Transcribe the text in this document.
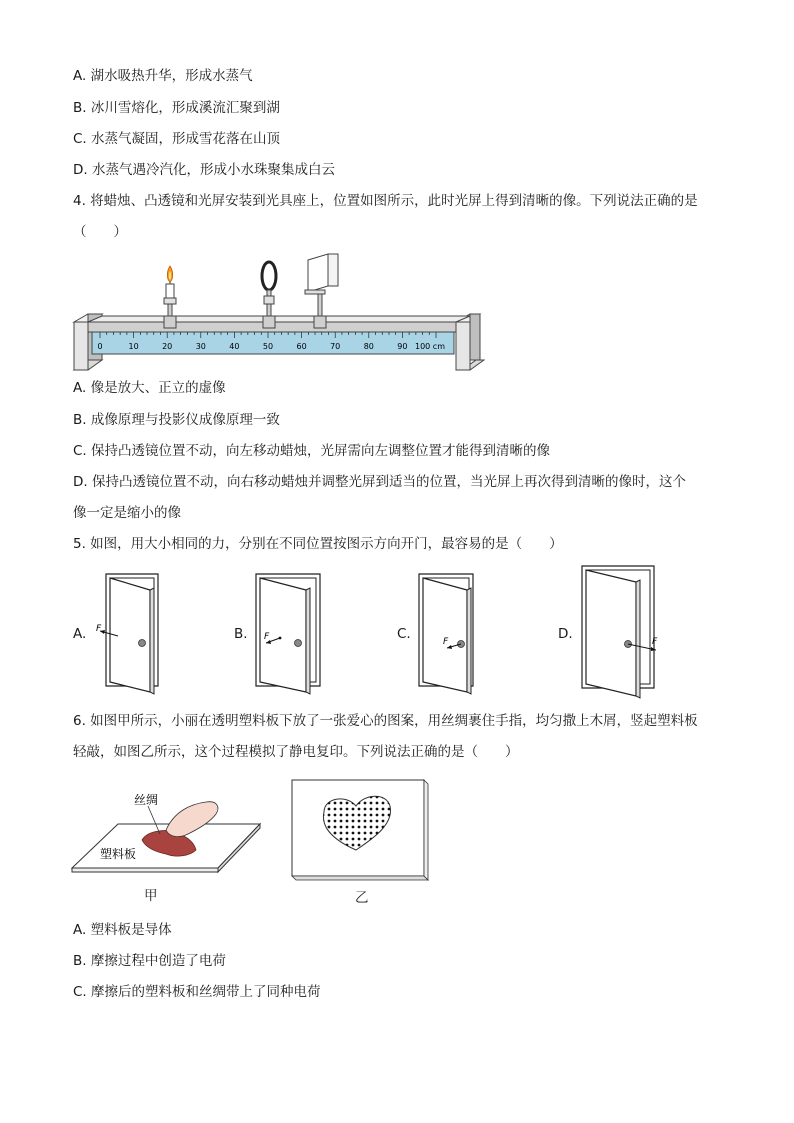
A. 湖水吸热升华，形成水蒸气
B. 冰川雪熔化，形成溪流汇聚到湖
C. 水蒸气凝固，形成雪花落在山顶
D. 水蒸气遇冷汽化，形成小水珠聚集成白云
4. 将蜡烛、凸透镜和光屏安装到光具座上，位置如图所示，此时光屏上得到清晰的像。下列说法正确的是
（　　）
0	10	20	30	40	50	60	70	80	90 100 cm
A. 像是放大、正立的虚像
B. 成像原理与投影仪成像原理一致
C. 保持凸透镜位置不动，向左移动蜡烛，光屏需向左调整位置才能得到清晰的像
D. 保持凸透镜位置不动，向右移动蜡烛并调整光屏到适当的位置，当光屏上再次得到清晰的像时，这个
像一定是缩小的像
5. 如图，用大小相同的力，分别在不同位置按图示方向开门，最容易的是（　　）
A. F	B. F	C.	F	D.	F
6. 如图甲所示，小丽在透明塑料板下放了一张爱心的图案，用丝绸裹住手指，均匀撒上木屑，竖起塑料板
轻敲，如图乙所示，这个过程模拟了静电复印。下列说法正确的是（　　）
丝绸
塑料板
甲	乙
A. 塑料板是导体
B. 摩擦过程中创造了电荷
C. 摩擦后的塑料板和丝绸带上了同种电荷
